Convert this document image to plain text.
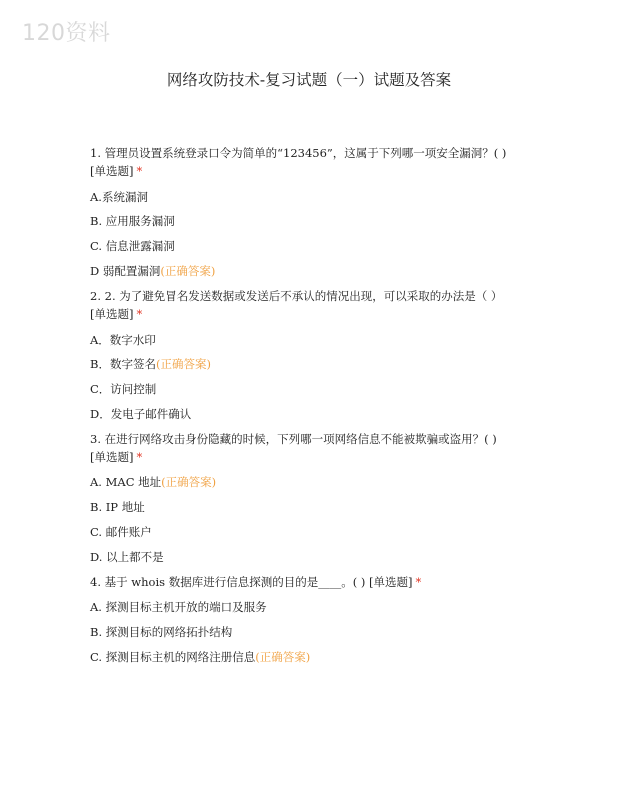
120资料
网络攻防技术-复习试题（一）试题及答案
1. 管理员设置系统登录口令为简单的“123456”，这属于下列哪一项安全漏洞？( )
[单选题] *
A.系统漏洞
B. 应用服务漏洞
C. 信息泄露漏洞
D 弱配置漏洞(正确答案)
2. 2. 为了避免冒名发送数据或发送后不承认的情况出现，可以采取的办法是（ ）
[单选题] *
A．数字水印
B．数字签名(正确答案)
C．访问控制
D．发电子邮件确认
3. 在进行网络攻击身份隐藏的时候，下列哪一项网络信息不能被欺骗或盗用？( )
[单选题] *
A. MAC 地址(正确答案)
B. IP 地址
C. 邮件账户
D. 以上都不是
4. 基于 whois 数据库进行信息探测的目的是____。( ) [单选题] *
A. 探测目标主机开放的端口及服务
B. 探测目标的网络拓扑结构
C. 探测目标主机的网络注册信息(正确答案)
